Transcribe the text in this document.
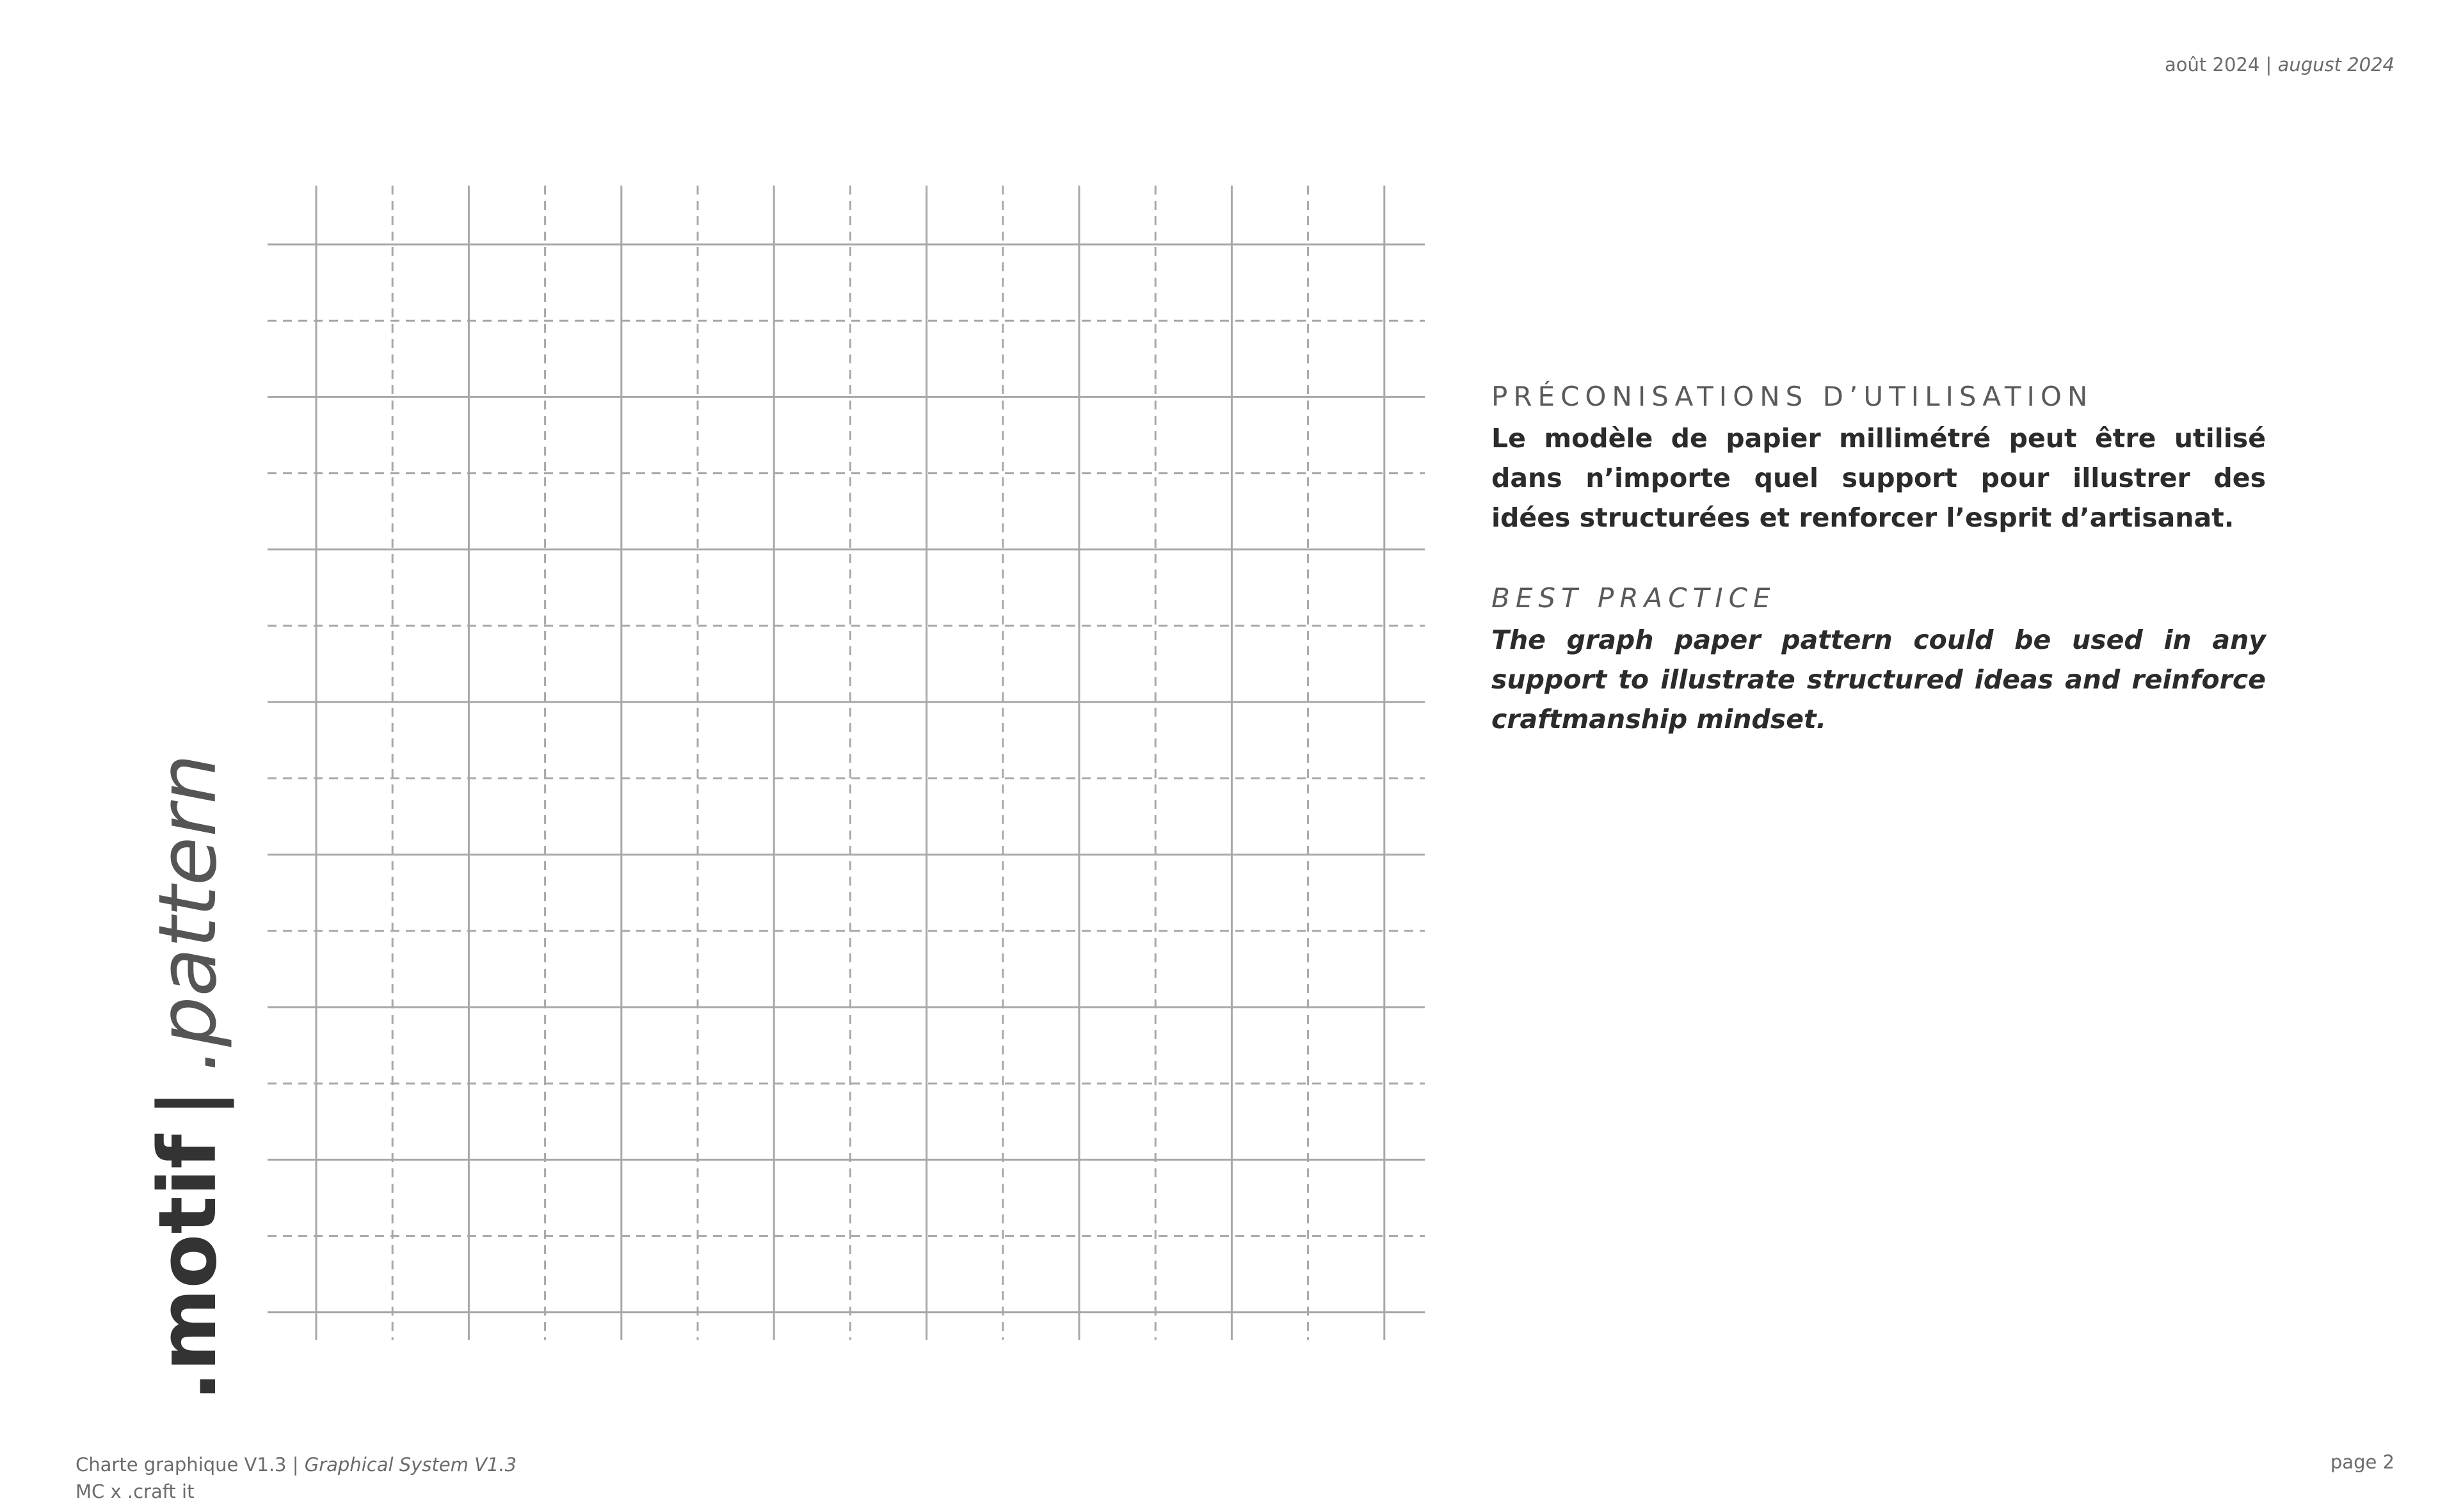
août 2024 | august 2024
.motif|.pattern
PRÉCONISATIONS D’UTILISATION

Le modèle de papier millimétré peut être utilisé dans n’importe quel support pour illustrer des idées structurées et renforcer l’esprit d’artisanat.

BEST PRACTICE

The graph paper pattern could be used in any support to illustrate structured ideas and reinforce craftmanship mindset.

Charte graphique V1.3 | Graphical System V1.3
MC x .craft it
page 2
